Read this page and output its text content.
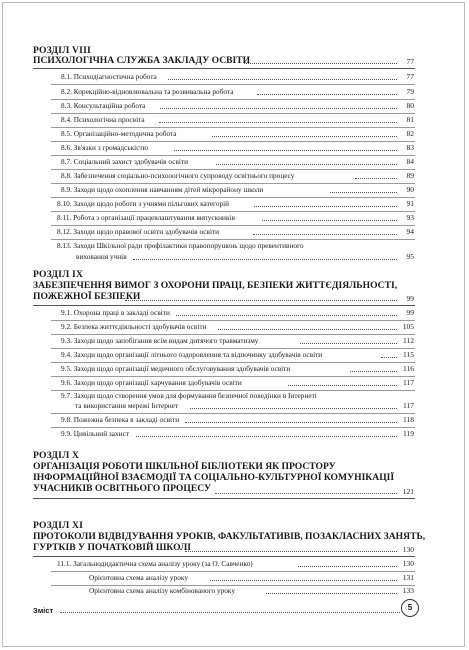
РОЗДІЛ VIII
ПСИХОЛОГІЧНА СЛУЖБА ЗАКЛАДУ ОСВІТИ	77
8.1. Психодіагностична робота	77
8.2. Корекційно-відновлювальна та розвивальна робота	79
8.3. Консультаційна робота	80
8.4. Психологічна просвіта	81
8.5. Організаційно-методична робота	82
8.6. Зв'язки з громадськістю	83
8.7. Соціальний захист здобувачів освіти	84
8.8. Забезпечення соціально-психологічного супроводу освітнього процесу	89
8.9. Заходи щодо охоплення навчанням дітей мікрорайону школи	90
8.10. Заходи щодо роботи з учнями пільгових категорій	91
8.11. Робота з організації працевлаштування випускників	93
8.12. Заходи щодо правової освіти здобувачів освіти	94
8.13. Заходи Шкільної ради профілактики правопорушень щодо превентивного
виховання учнів	95
РОЗДІЛ IX
ЗАБЕЗПЕЧЕННЯ ВИМОГ З ОХОРОНИ ПРАЦІ, БЕЗПЕКИ ЖИТТЄДІЯЛЬНОСТІ,
ПОЖЕЖНОЇ БЕЗПЕКИ	99
9.1. Охорона праці в закладі освіти	99
9.2. Безпека життєдіяльності здобувачів освіти	105
9.3. Заходи щодо запобігання всім видам дитячого травматизму	112
9.4. Заходи щодо організації літнього оздоровлення та відпочинку здобувачів освіти	115
9.5. Заходи щодо організації медичного обслуговування здобувачів освіти	116
9.6. Заходи щодо організації харчування здобувачів освіти	117
9.7. Заходи щодо створення умов для формування безпечної поведінки в Інтернеті
та використання мережі Інтернет	117
9.8. Пожежна безпека в закладі освіти	118
9.9. Цивільний захист	119
РОЗДІЛ Х
ОРГАНІЗАЦІЯ РОБОТИ ШКІЛЬНОЇ БІБЛІОТЕКИ ЯК ПРОСТОРУ
ІНФОРМАЦІЙНОЇ ВЗАЄМОДІЇ ТА СОЦІАЛЬНО-КУЛЬТУРНОЇ КОМУНІКАЦІЇ
УЧАСНИКІВ ОСВІТНЬОГО ПРОЦЕСУ	121
РОЗДІЛ ХІ
ПРОТОКОЛИ ВІДВІДУВАННЯ УРОКІВ, ФАКУЛЬТАТИВІВ, ПОЗАКЛАСНИХ ЗАНЯТЬ,
ГУРТКІВ У ПОЧАТКОВІЙ ШКОЛІ	130
11.1. Загальнодидактична схема аналізу уроку (за О. Савченко)	130
Орієнтовна схема аналізу уроку	131
Орієнтовна схема аналізу комбінованого уроку	133
Зміст	5
